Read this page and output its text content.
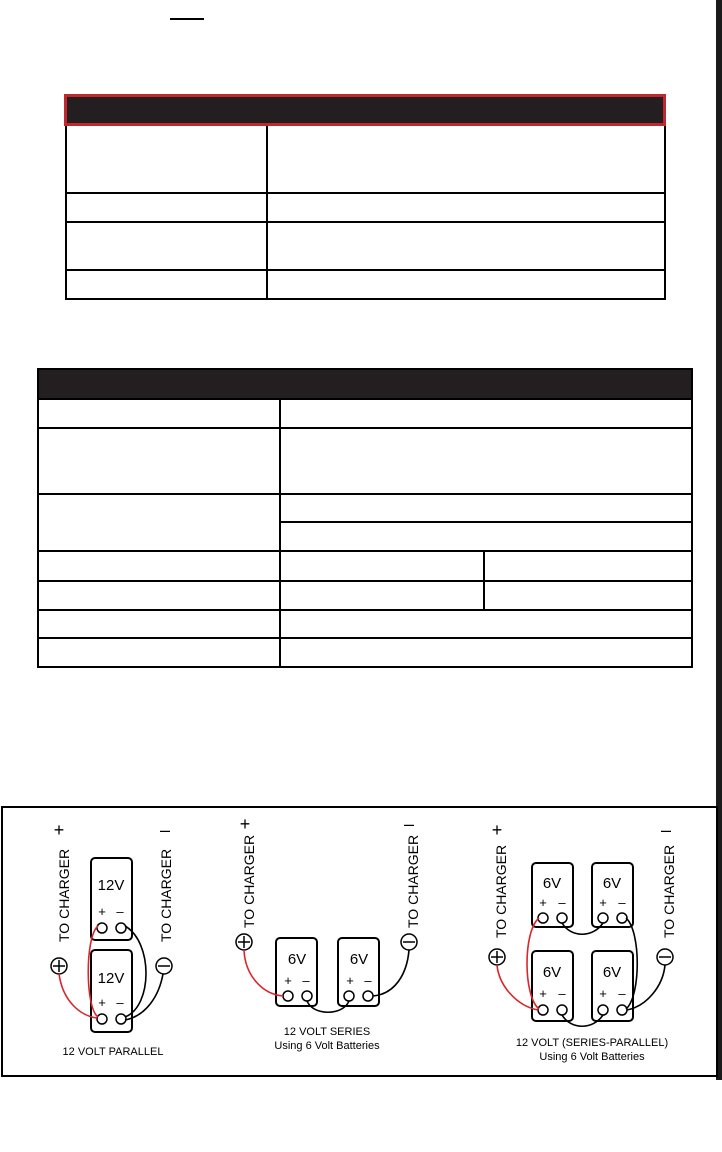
+
TO CHARGER
–
TO CHARGER
12V
+ –
12V
+ –
12 VOLT PARALLEL
+
TO CHARGER
–
TO CHARGER
6V
+ –
6V
+ –
12 VOLT SERIES
Using 6 Volt Batteries
+
TO CHARGER
–
TO CHARGER
6V
+ –
6V
+ –
6V
+ –
6V
+ –
12 VOLT (SERIES-PARALLEL)
Using 6 Volt Batteries
